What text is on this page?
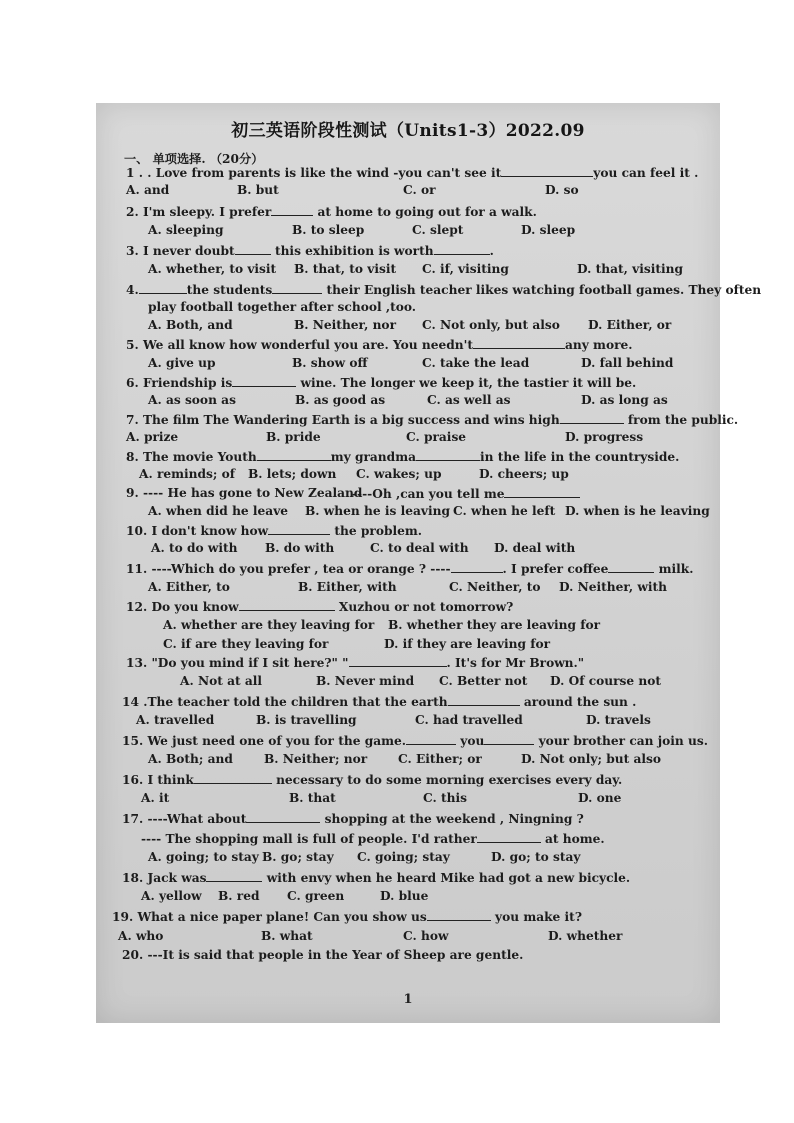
初三英语阶段性测试（Units1-3）2022.09
一、 单项选择. （20分）
1 . . Love from parents is like the wind -you can't see it	you can feel it .
A. and	B. but	C. or	D. so
2. I'm sleepy. I prefer	at home to going out for a walk.
A. sleeping	B. to sleep	C. slept	D. sleep
3. I never doubt	this exhibition is worth	.
A. whether, to visit B. that, to visit C. if, visiting	D. that, visiting
4.	the students	their English teacher likes watching football games. They often
play football together after school ,too.
A. Both, and	B. Neither, nor C. Not only, but also D. Either, or
5. We all know how wonderful you are. You needn't	any more.
A. give up	B. show off	C. take the lead	D. fall behind
6. Friendship is	wine. The longer we keep it, the tastier it will be.
A. as soon as	B. as good as	C. as well as	D. as long as
7. The film The Wandering Earth is a big success and wins high	from the public.
A. prize	B. pride	C. praise	D. progress
8. The movie Youth	my grandma	in the life in the countryside.
A. reminds; of B. lets; down C. wakes; up	D. cheers; up
9. ---- He has gone to New Zealand
----Oh ,can you tell me
A. when did he leave B. when he is leaving C. when he left D. when is he leaving
10. I don't know how	the problem.
A. to do with B. do with	C. to deal with D. deal with
11. ----Which do you prefer , tea or orange ? ----	. I prefer coffee	milk.
A. Either, to	B. Either, with	C. Neither, to D. Neither, with
12. Do you know	Xuzhou or not tomorrow?
A. whether are they leaving for B. whether they are leaving for
C. if are they leaving for	D. if they are leaving for
13. "Do you mind if I sit here?" "	. It's for Mr Brown."
A. Not at all	B. Never mind C. Better not D. Of course not
14 .The teacher told the children that the earth	around the sun .
A. travelled	B. is travelling	C. had travelled	D. travels
15. We just need one of you for the game.	you	your brother can join us.
A. Both; and	B. Neither; nor	C. Either; or	D. Not only; but also
16. I think	necessary to do some morning exercises every day.
A. it	B. that	C. this	D. one
17. ----What about	shopping at the weekend , Ningning ?
---- The shopping mall is full of people. I'd rather	at home.
A. going; to stay B. go; stay C. going; stay	D. go; to stay
18. Jack was	with envy when he heard Mike had got a new bicycle.
A. yellow B. red C. green	D. blue
19. What a nice paper plane! Can you show us	you make it?
A. who	B. what	C. how	D. whether
20. ---It is said that people in the Year of Sheep are gentle.
1
